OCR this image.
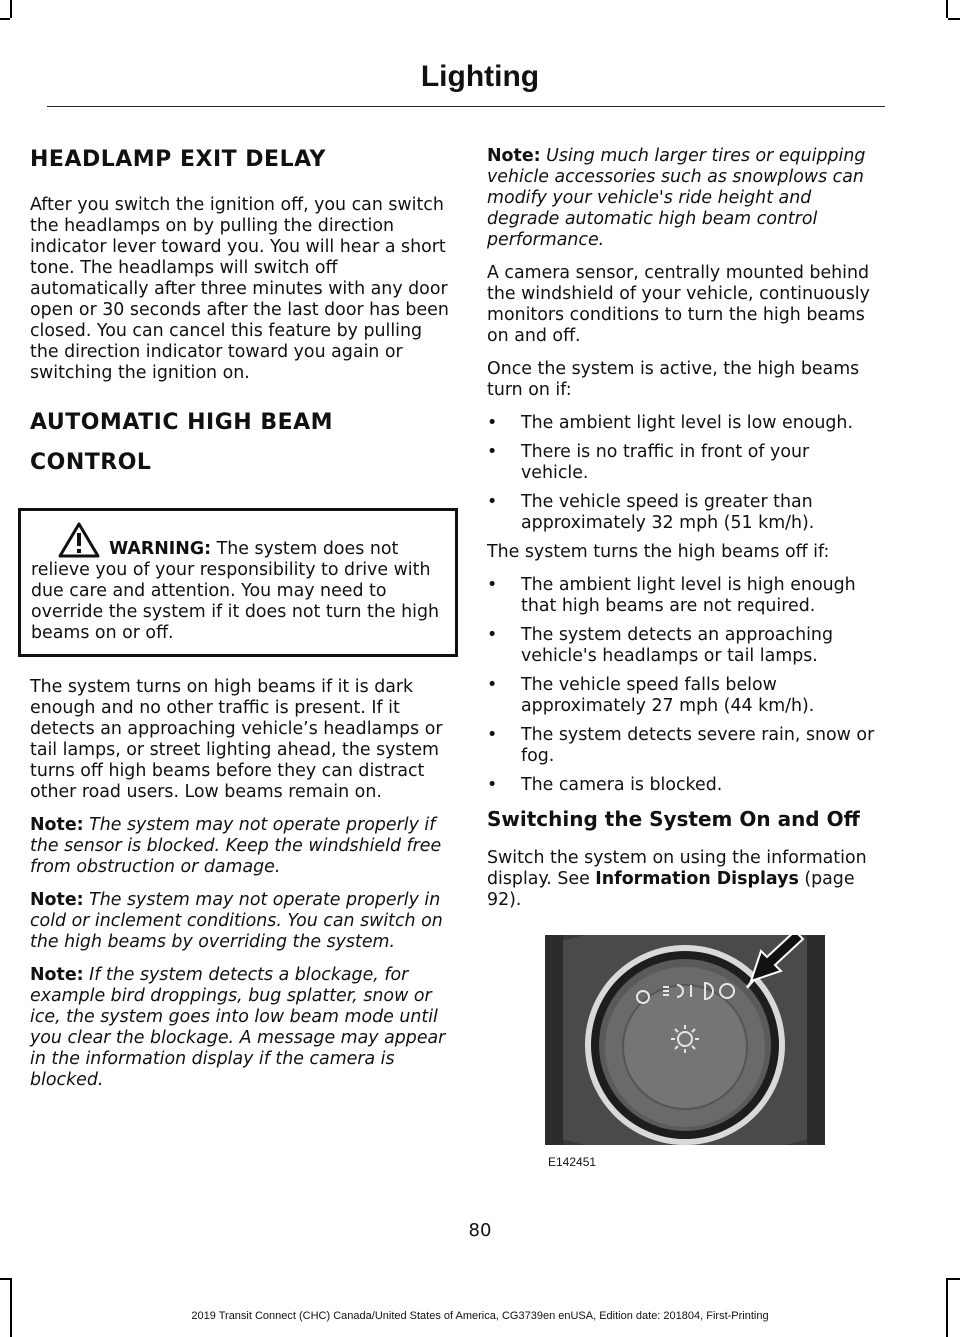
Lighting
HEADLAMP EXIT DELAY

After you switch the ignition off, you can switch the headlamps on by pulling the direction indicator lever toward you. You will hear a short tone. The headlamps will switch off automatically after three minutes with any door open or 30 seconds after the last door has been closed. You can cancel this feature by pulling the direction indicator toward you again or switching the ignition on.

AUTOMATIC HIGH BEAM
CONTROL

WARNING: The system does not relieve you of your responsibility to drive with due care and attention. You may need to override the system if it does not turn the high beams on or off.

The system turns on high beams if it is dark enough and no other traffic is present. If it detects an approaching vehicle’s headlamps or tail lamps, or street lighting ahead, the system turns off high beams before they can distract other road users. Low beams remain on.

Note: The system may not operate properly if the sensor is blocked. Keep the windshield free from obstruction or damage.

Note: The system may not operate properly in cold or inclement conditions. You can switch on the high beams by overriding the system.

Note: If the system detects a blockage, for example bird droppings, bug splatter, snow or ice, the system goes into low beam mode until you clear the blockage. A message may appear in the information display if the camera is blocked.

Note: Using much larger tires or equipping vehicle accessories such as snowplows can modify your vehicle's ride height and degrade automatic high beam control performance.

A camera sensor, centrally mounted behind the windshield of your vehicle, continuously monitors conditions to turn the high beams on and off.

Once the system is active, the high beams turn on if:

• The ambient light level is low enough.
• There is no traffic in front of your vehicle.
• The vehicle speed is greater than approximately 32 mph (51 km/h).

The system turns the high beams off if:

• The ambient light level is high enough that high beams are not required.
• The system detects an approaching vehicle's headlamps or tail lamps.
• The vehicle speed falls below approximately 27 mph (44 km/h).
• The system detects severe rain, snow or fog.
• The camera is blocked.
Switching the System On and Off

Switch the system on using the information display. See Information Displays (page 92).

E142451
80
2019 Transit Connect (CHC) Canada/United States of America, CG3739en enUSA, Edition date: 201804, First-Printing
